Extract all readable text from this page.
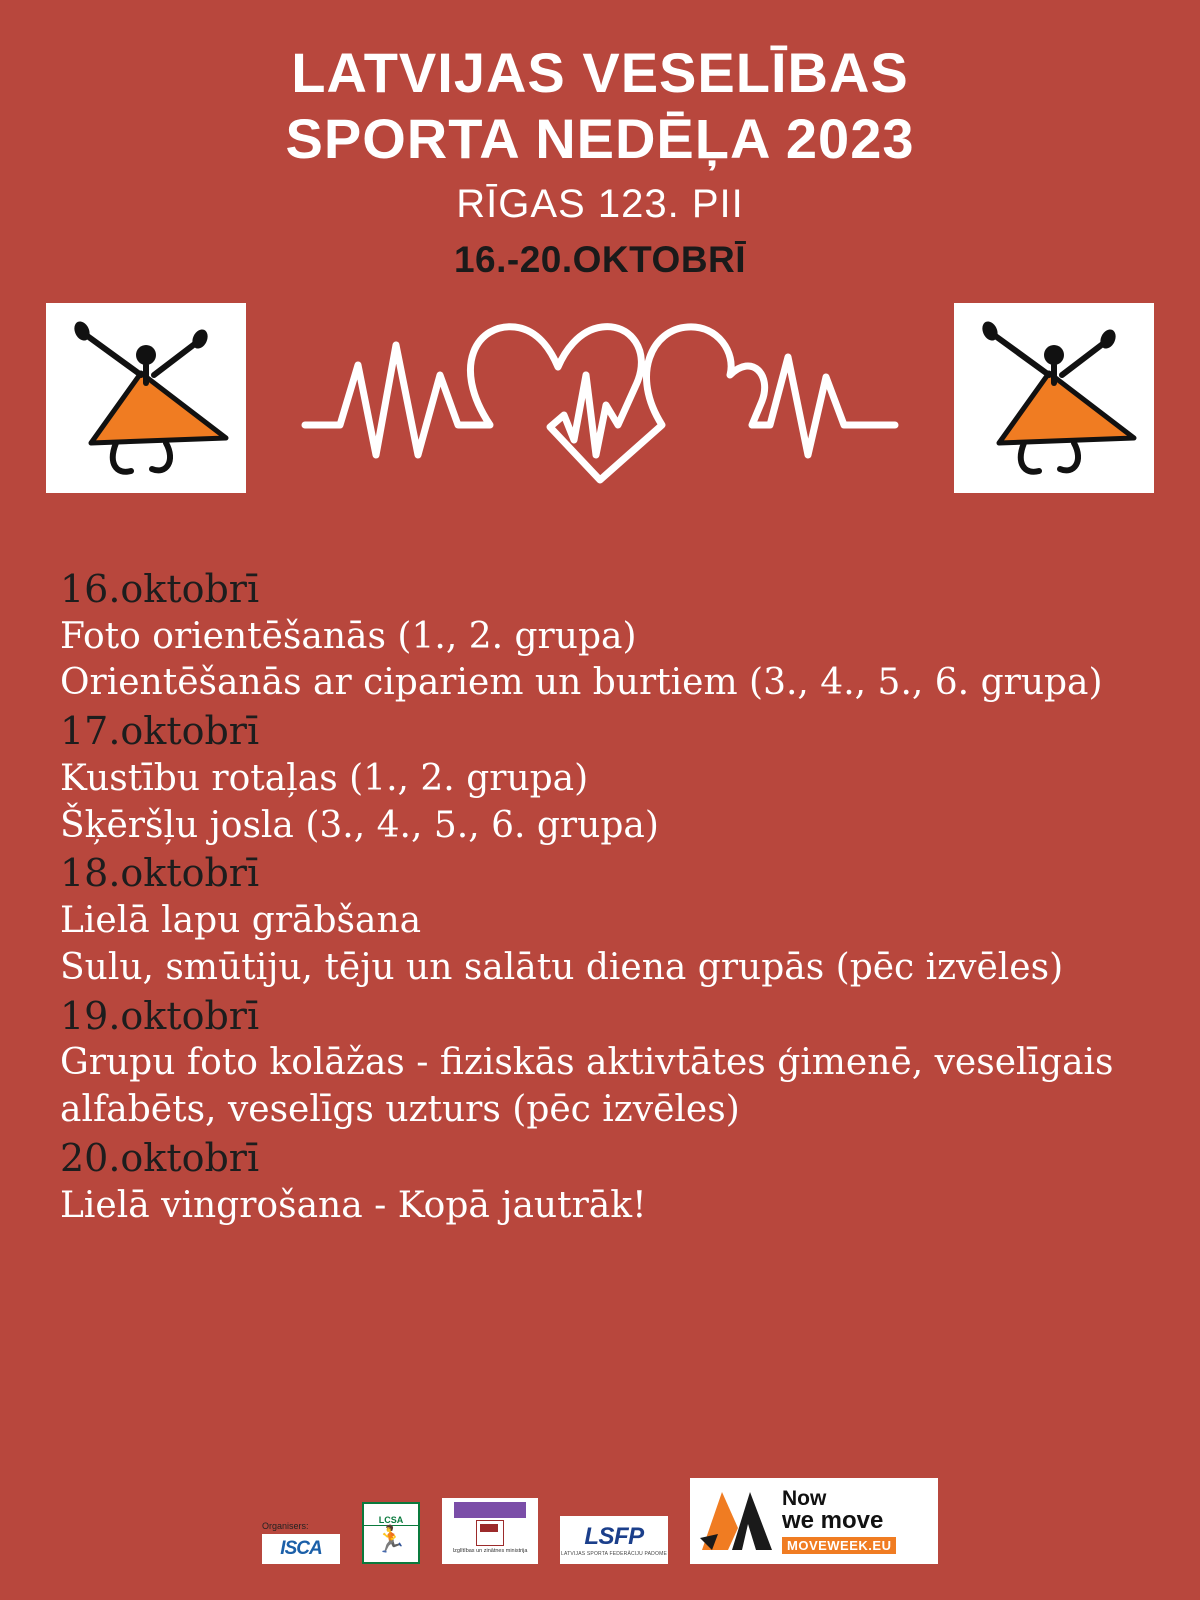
LATVIJAS VESELĪBAS
SPORTA NEDĒĻA 2023
RĪGAS 123. PII
16.-20.OKTOBRĪ
16.oktobrī
Foto orientēšanās (1., 2. grupa)
Orientēšanās ar cipariem un burtiem (3., 4., 5., 6. grupa)
17.oktobrī
Kustību rotaļas (1., 2. grupa)
Šķēršļu josla (3., 4., 5., 6. grupa)
18.oktobrī
Lielā lapu grābšana
Sulu, smūtiju, tēju un salātu diena grupās (pēc izvēles)
19.oktobrī
Grupu foto kolāžas - fiziskās aktivtātes ģimenē, veselīgais alfabēts, veselīgs uzturs (pēc izvēles)
20.oktobrī
Lielā vingrošana - Kopā jautrāk!
Organisers:
ISCA
LCSA
🏃	Izglītības un zinātnes ministrija
LSFP
LATVIJAS SPORTA FEDERĀCIJU PADOME
Now
we move
MOVEWEEK.EU
